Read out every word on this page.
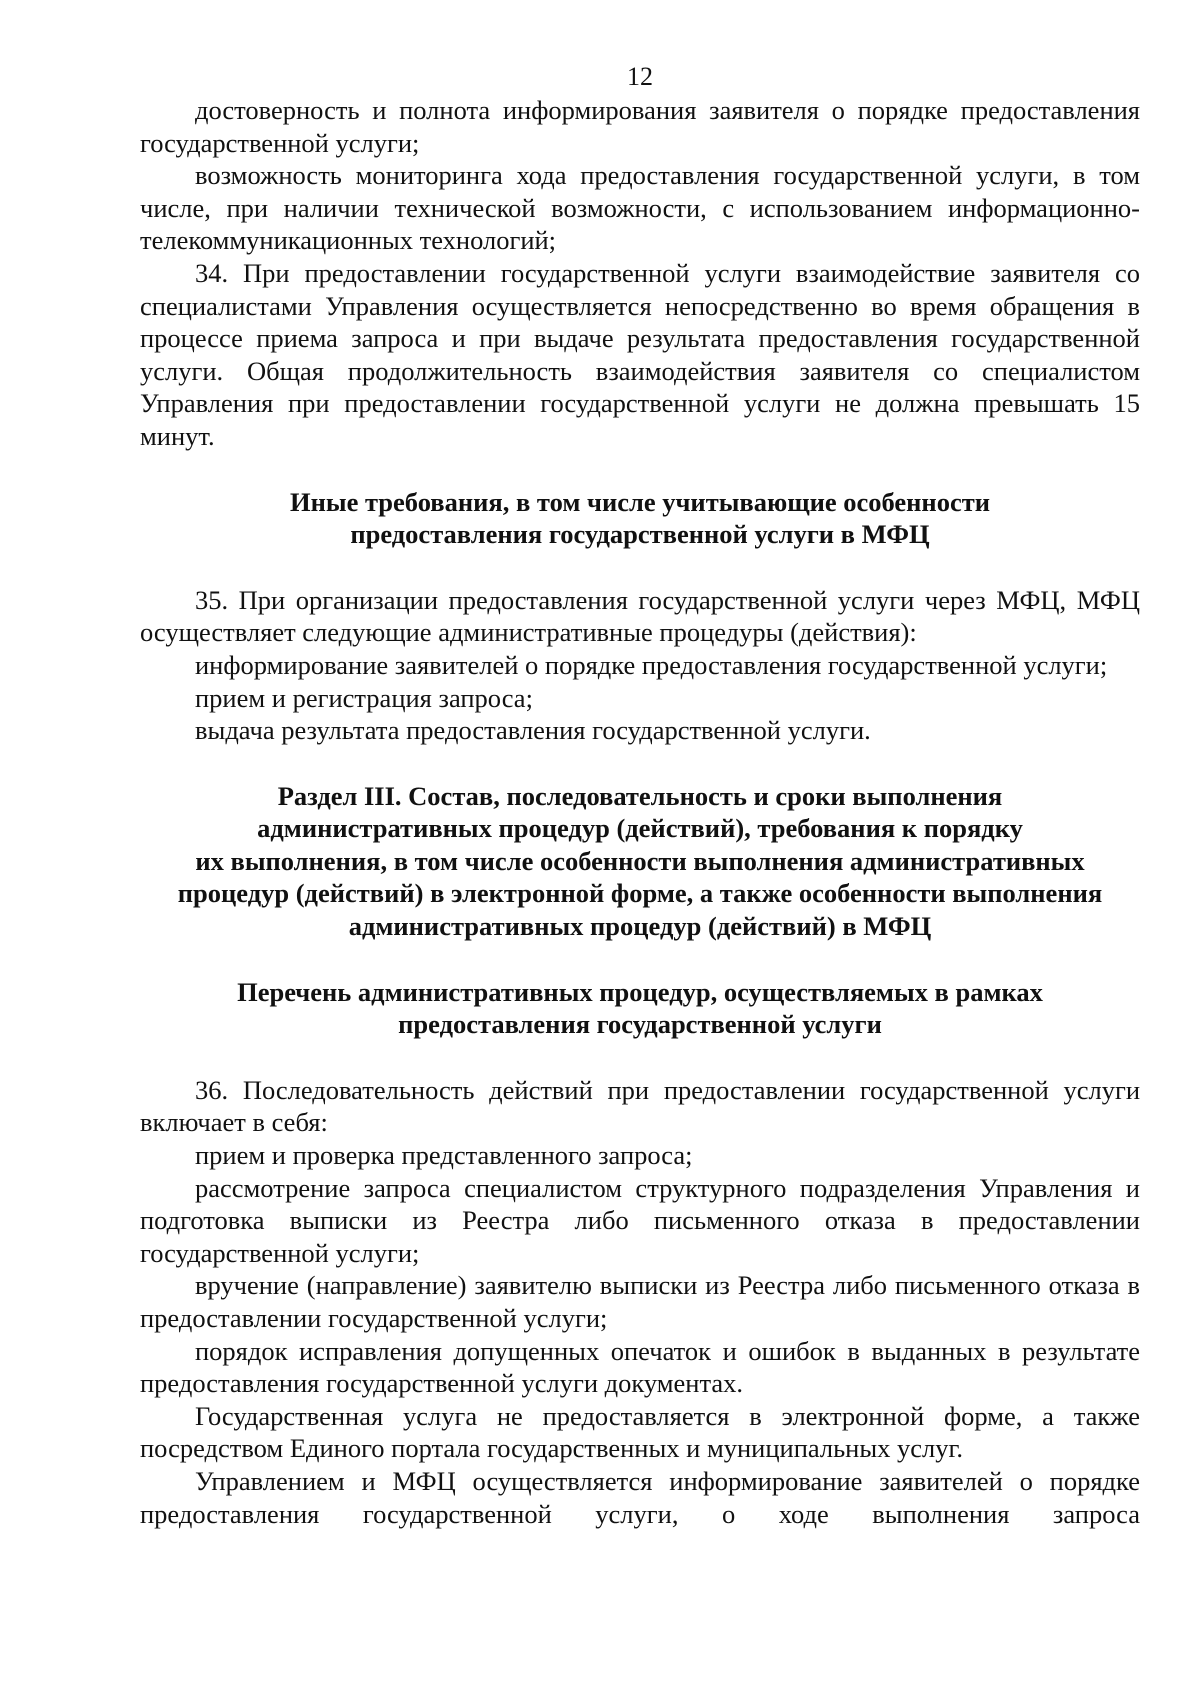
12

достоверность и полнота информирования заявителя о порядке предоставления государственной услуги;

возможность мониторинга хода предоставления государственной услуги, в том числе, при наличии технической возможности, с использованием информационно-телекоммуникационных технологий;

34. При предоставлении государственной услуги взаимодействие заявителя со специалистами Управления осуществляется непосредственно во время обращения в процессе приема запроса и при выдаче результата предоставления государственной услуги. Общая продолжительность взаимодействия заявителя со специалистом Управления при предоставлении государственной услуги не должна превышать 15 минут.

Иные требования, в том числе учитывающие особенности
предоставления государственной услуги в МФЦ

35. При организации предоставления государственной услуги через МФЦ, МФЦ осуществляет следующие административные процедуры (действия):

информирование заявителей о порядке предоставления государственной услуги;

прием и регистрация запроса;

выдача результата предоставления государственной услуги.

Раздел III. Состав, последовательность и сроки выполнения
административных процедур (действий), требования к порядку
их выполнения, в том числе особенности выполнения административных
процедур (действий) в электронной форме, а также особенности выполнения
административных процедур (действий) в МФЦ
Перечень административных процедур, осуществляемых в рамках
предоставления государственной услуги

36. Последовательность действий при предоставлении государственной услуги включает в себя:

прием и проверка представленного запроса;

рассмотрение запроса специалистом структурного подразделения Управления и подготовка выписки из Реестра либо письменного отказа в предоставлении государственной услуги;

вручение (направление) заявителю выписки из Реестра либо письменного отказа в предоставлении государственной услуги;

порядок исправления допущенных опечаток и ошибок в выданных в результате предоставления государственной услуги документах.

Государственная услуга не предоставляется в электронной форме, а также посредством Единого портала государственных и муниципальных услуг.

Управлением и МФЦ осуществляется информирование заявителей о порядке предоставления государственной услуги, о ходе выполнения запроса
